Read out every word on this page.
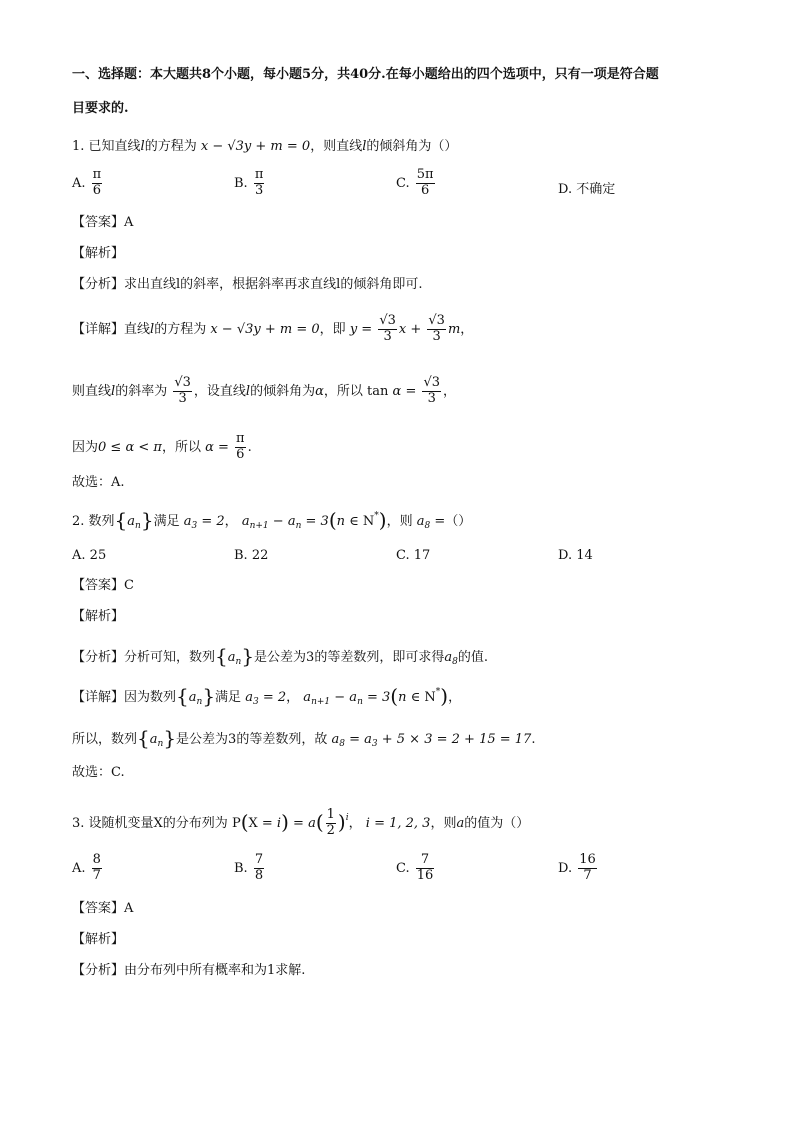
一、选择题：本大题共8个小题，每小题5分，共40分.在每小题给出的四个选项中，只有一项是符合题
目要求的.
1. 已知直线l的方程为 x − √3y + m = 0，则直线l的倾斜角为（）
A. $\frac{\pi}{6}$	B. $\frac{\pi}{3}$	C. $\frac{5\pi}{6}$	D. 不确定
【答案】A
【解析】
【分析】求出直线l的斜率，根据斜率再求直线l的倾斜角即可.
【详解】直线l的方程为 x − √3y + m = 0，即 $y = \frac{√3}{3}$ $x + \frac{√3}{3}$ m，
则直线l的斜率为 $\frac{√3}{3}$ ，设直线l的倾斜角为α，所以 $\tan \alpha = \frac{√3}{3}$ ，
因为0 ≤ α < π，所以 $\alpha = \frac{\pi}{6}$ .
故选：A.
2. 数列$\{a_n\}$满足 $a_3 = 2$， $a_{n+1} - a_n = 3(n$ ∈ N*)，则 $a_8$ =（）
A. 25	B. 22	C. 17	D. 14
【答案】C
【解析】
【分析】分析可知，数列$\{a_n\}$是公差为3的等差数列，即可求得$a_8$的值.
【详解】因为数列$\{a_n\}$满足 $a_3 = 2$， $a_{n+1} - a_n = 3(n$ ∈ N*)，
所以，数列$\{a_n\}$是公差为3的等差数列，故 $a_8 = a_3 + 5 \times 3 = 2 + 15 = 17$.
故选：C.
3. 设随机变量X的分布列为 $P(X = i) = a( \frac{1}{2} )^i$， i = 1, 2, 3，则a的值为（）
A. $\frac{8}{7}$	B. $\frac{7}{8}$	C. $\frac{7}{16}$	D. $\frac{16}{7}$
【答案】A
【解析】
【分析】由分布列中所有概率和为1求解.
